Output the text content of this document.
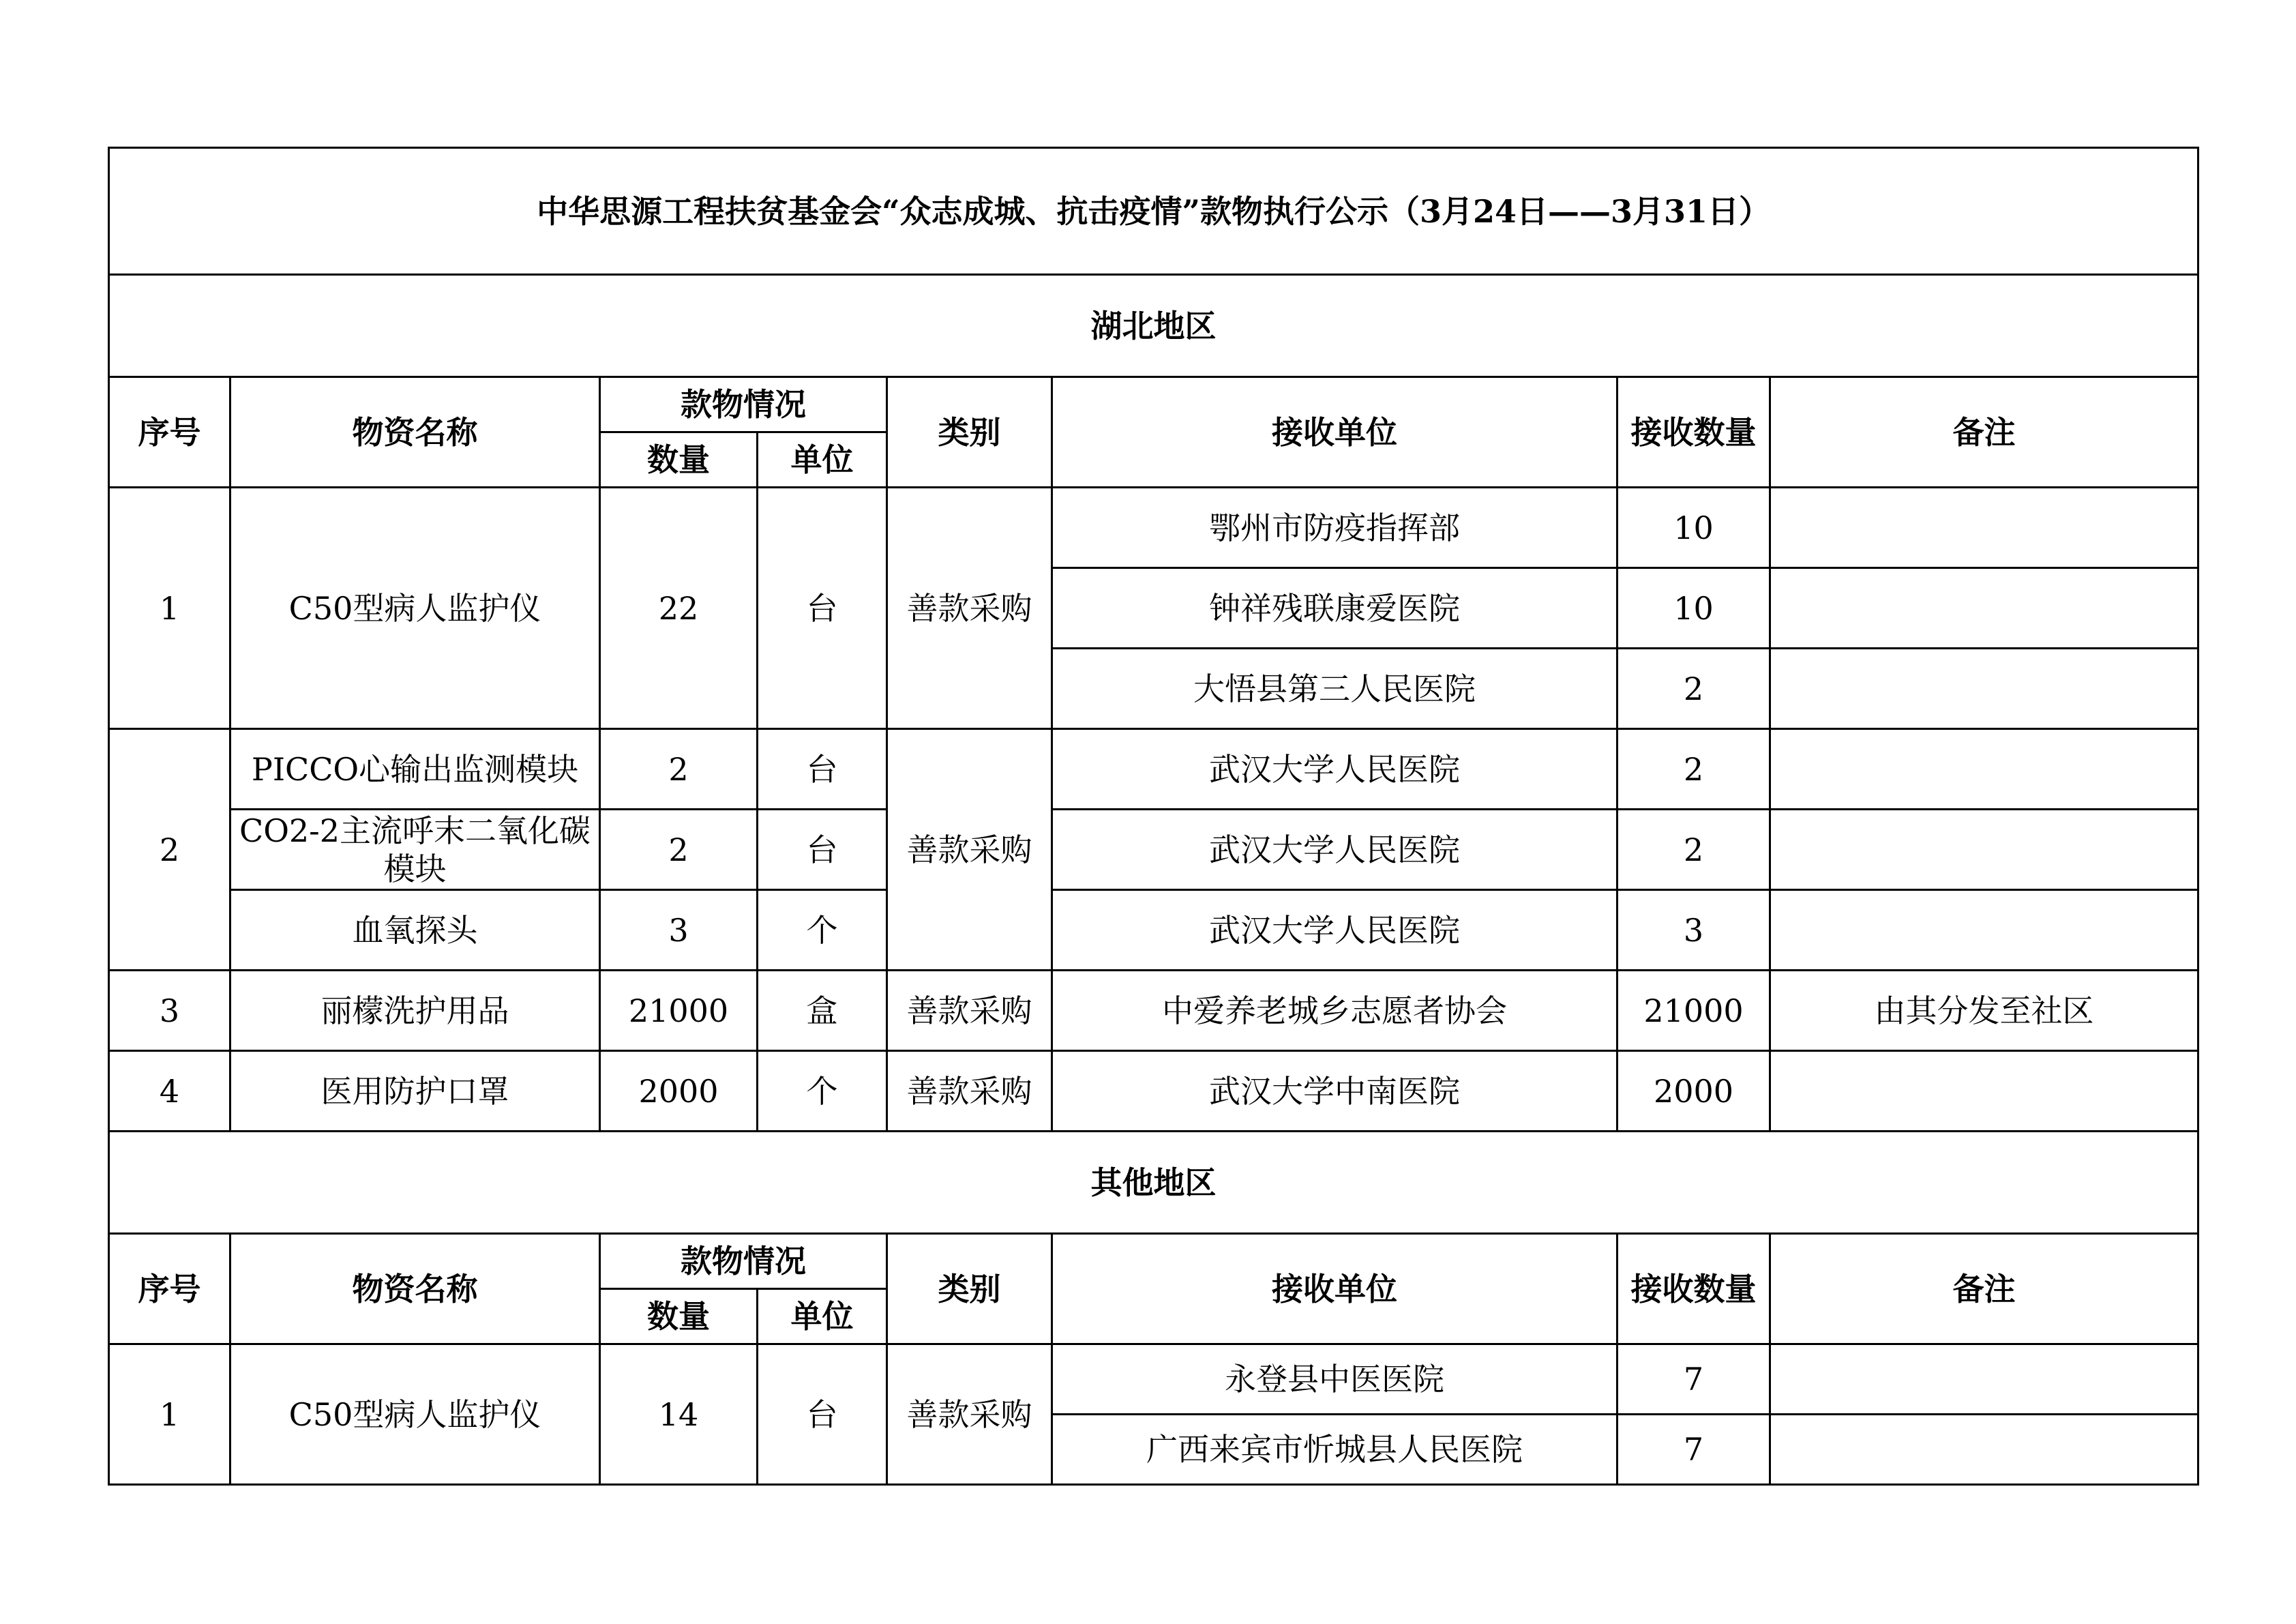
中华思源工程扶贫基金会“众志成城、抗击疫情”款物执行公示（3月24日——3月31日）							
湖北地区							
序号	物资名称	款物情况		类别	接收单位	接收数量	备注
		数量	单位				
1	C50型病人监护仪	22	台	善款采购	鄂州市防疫指挥部	10	
					钟祥残联康爱医院	10	
					大悟县第三人民医院	2	
2	PICCO心输出监测模块	2	台	善款采购	武汉大学人民医院	2	
	CO2-2主流呼末二氧化碳模块	2	台		武汉大学人民医院	2	
	血氧探头	3	个		武汉大学人民医院	3	
3	丽檬洗护用品	21000	盒	善款采购	中爱养老城乡志愿者协会	21000	由其分发至社区
4	医用防护口罩	2000	个	善款采购	武汉大学中南医院	2000	
其他地区							
序号	物资名称	款物情况		类别	接收单位	接收数量	备注
		数量	单位				
1	C50型病人监护仪	14	台	善款采购	永登县中医医院	7	
					广西来宾市忻城县人民医院	7	
